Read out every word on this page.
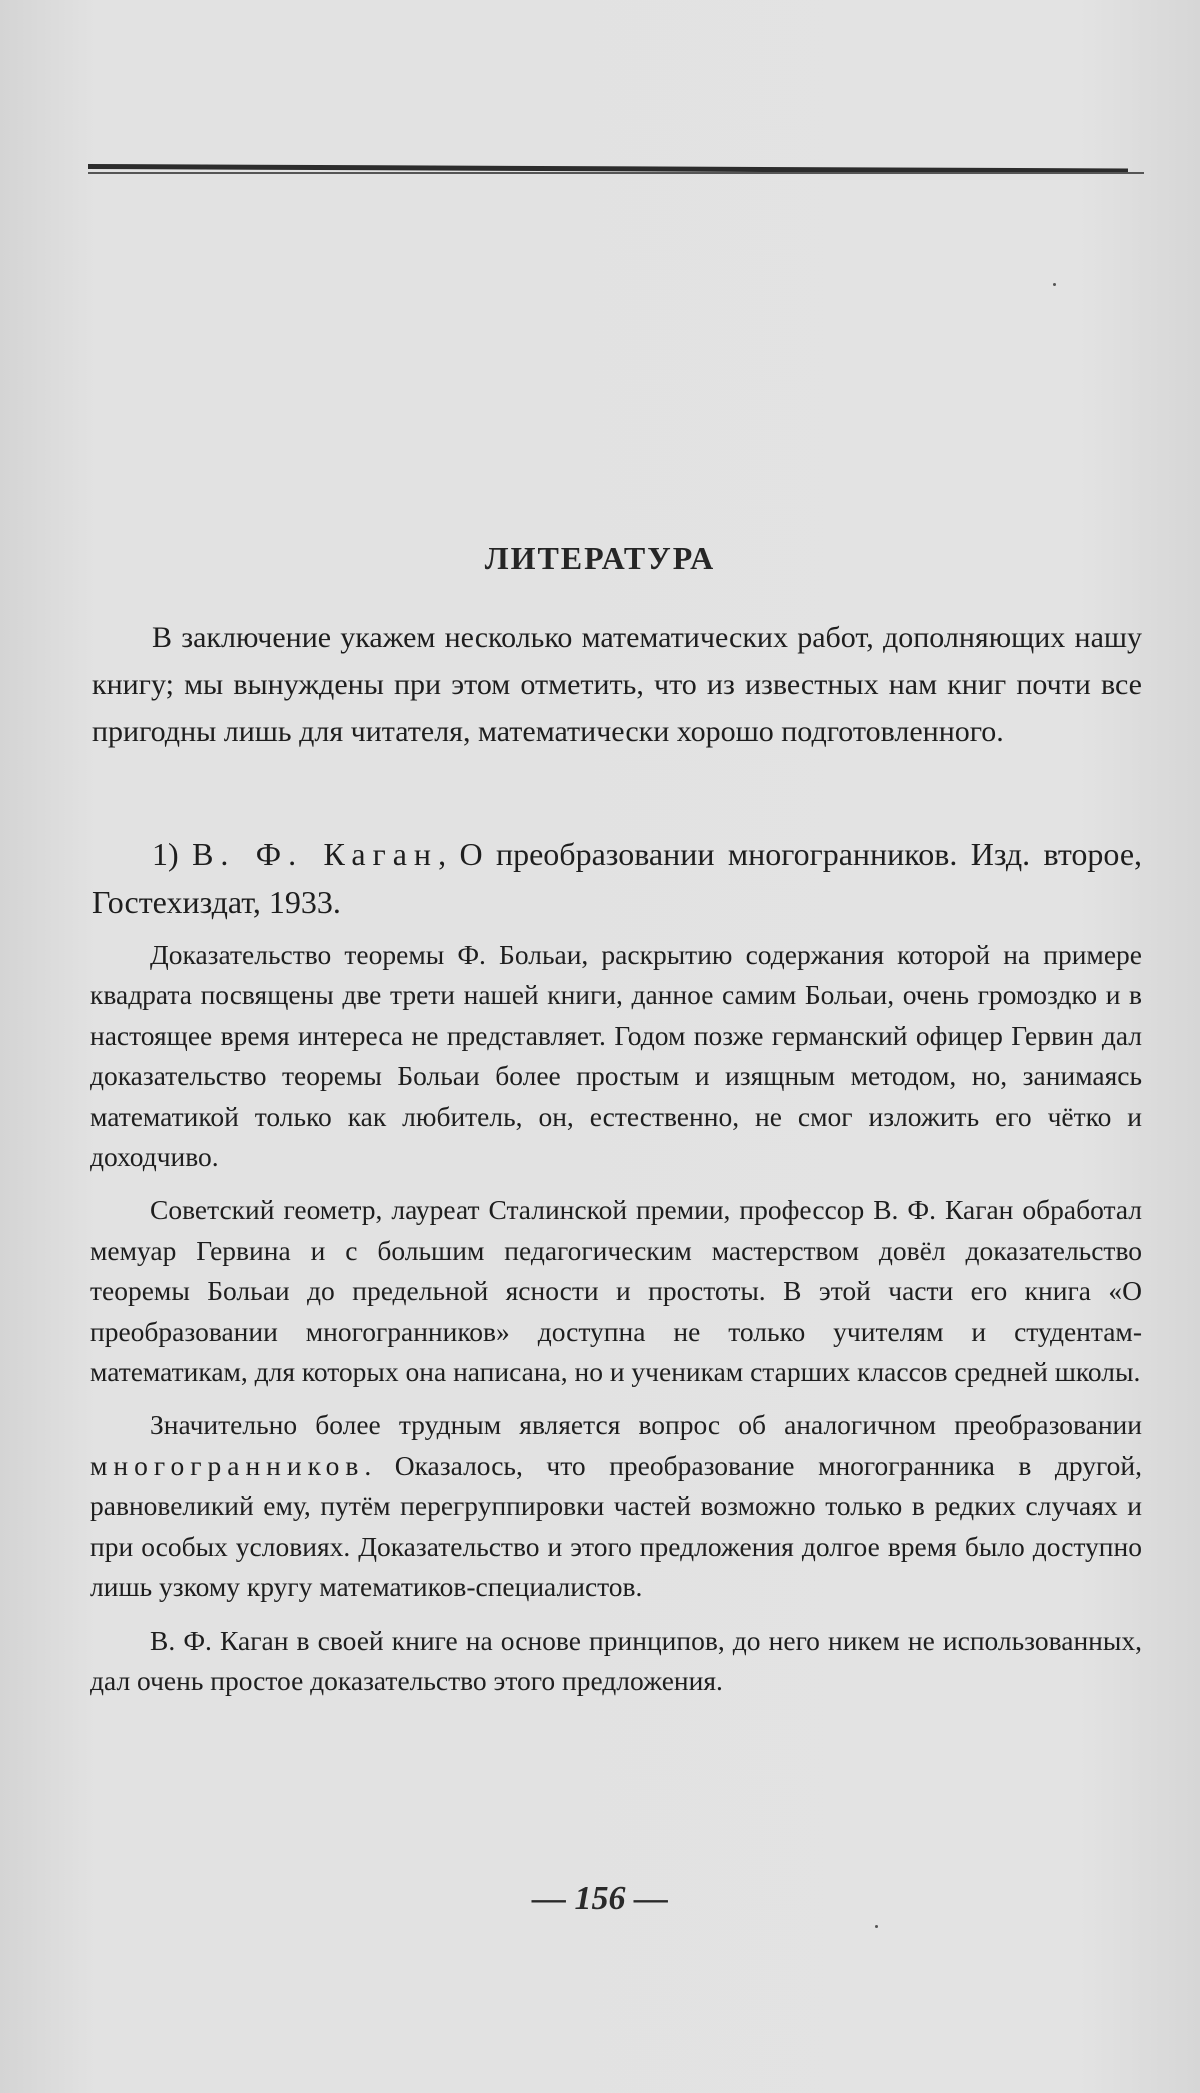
ЛИТЕРАТУРА
В заключение укажем несколько математических работ, дополняющих нашу книгу; мы вынуждены при этом отметить, что из известных нам книг почти все пригодны лишь для читателя, математически хорошо подготовленного.
1) В. Ф. Каган, О преобразовании многогранников. Изд. второе, Гостехиздат, 1933.

Доказательство теоремы Ф. Больаи, раскрытию содержания которой на примере квадрата посвящены две трети нашей книги, данное самим Больаи, очень громоздко и в настоящее время интереса не представляет. Годом позже германский офицер Гервин дал доказательство теоремы Больаи более простым и изящным методом, но, занимаясь математикой только как любитель, он, естественно, не смог изложить его чётко и доходчиво.

Советский геометр, лауреат Сталинской премии, профессор В. Ф. Каган обработал мемуар Гервина и с большим педагогическим мастерством довёл доказательство теоремы Больаи до предельной ясности и простоты. В этой части его книга «О преобразовании многогранников» доступна не только учителям и студентам-математикам, для которых она написана, но и ученикам старших классов средней школы.

Значительно более трудным является вопрос об аналогичном преобразовании многогранников. Оказалось, что преобразование многогранника в другой, равновеликий ему, путём перегруппировки частей возможно только в редких случаях и при особых условиях. Доказательство и этого предложения долгое время было доступно лишь узкому кругу математиков-специалистов.

В. Ф. Каган в своей книге на основе принципов, до него никем не использованных, дал очень простое доказательство этого предложения.

— 156 —
